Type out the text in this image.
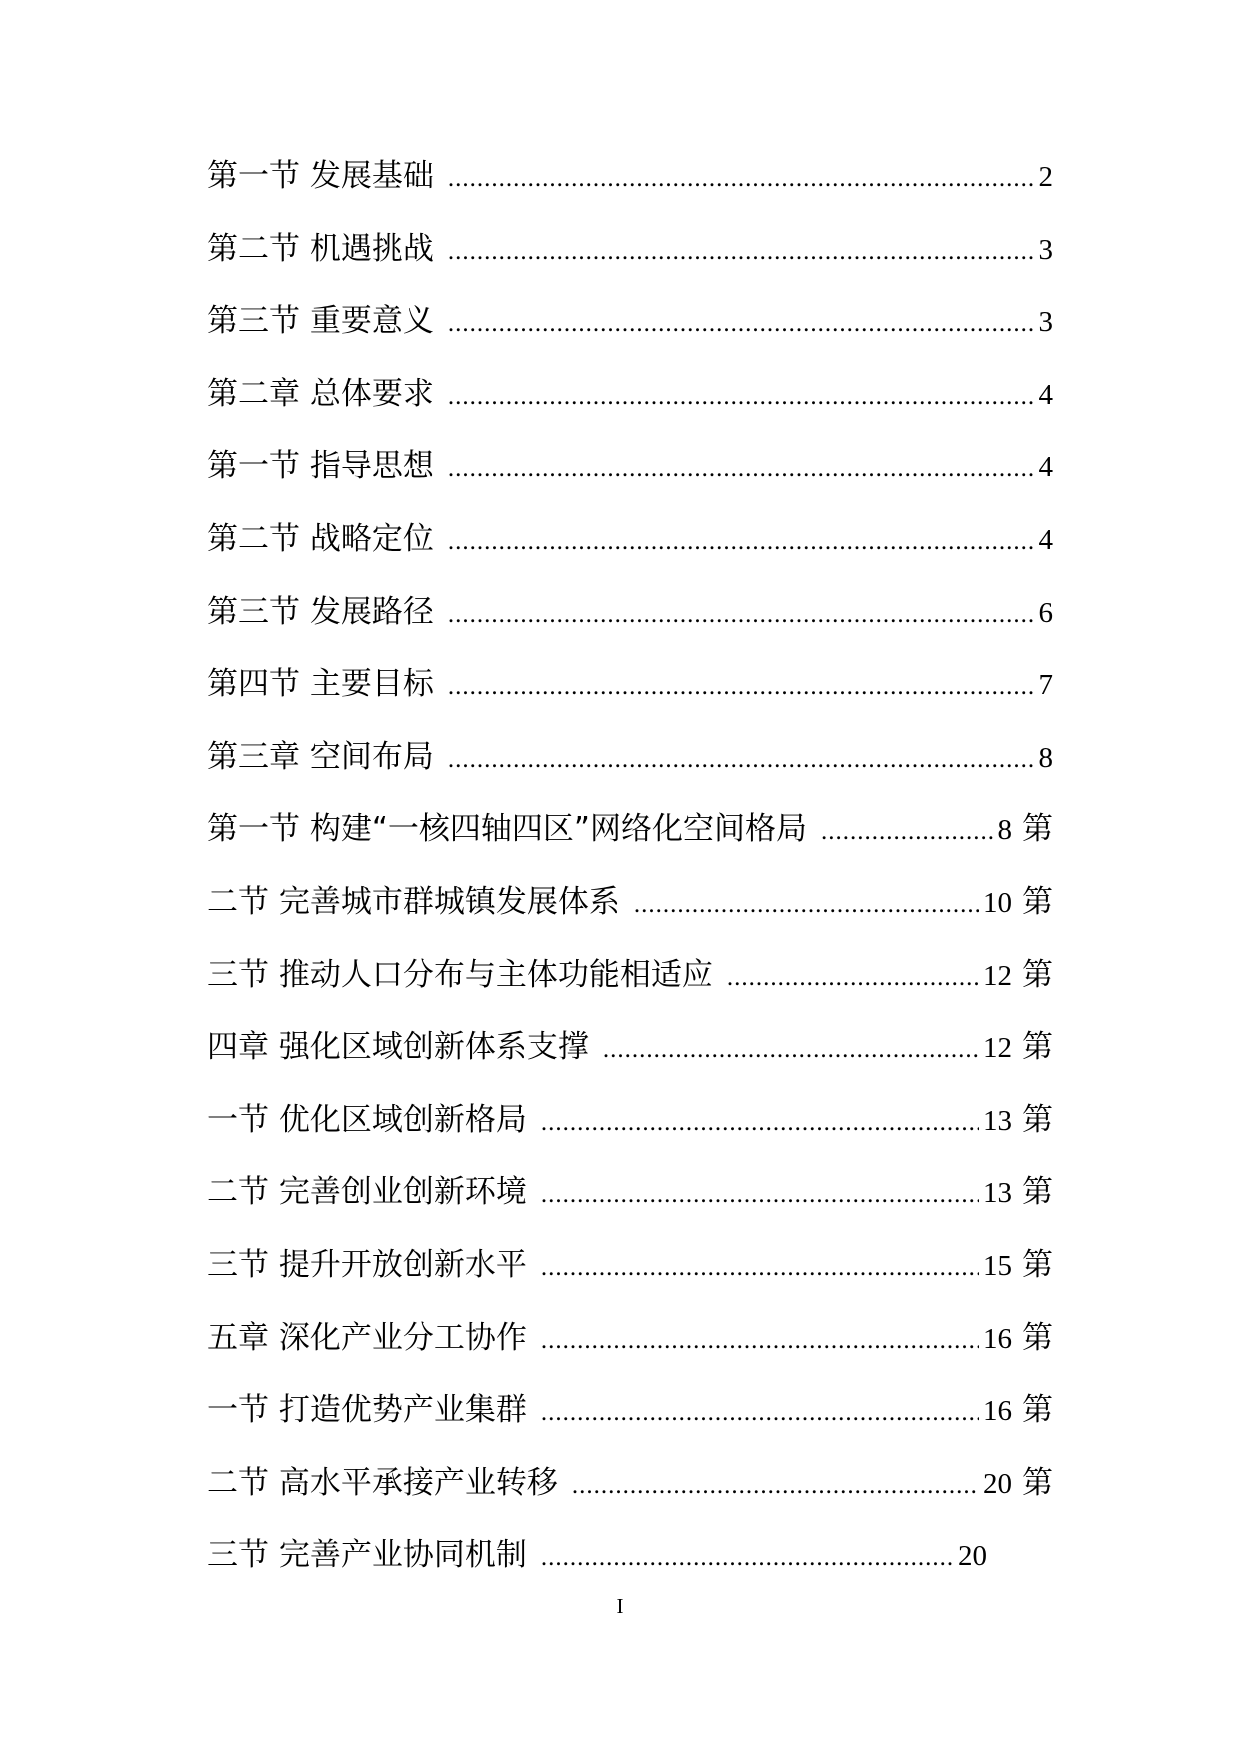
第一节 发展基础 .....	2
第二节 机遇挑战 .....	3
第三节 重要意义 .....	3
第二章 总体要求 .....	4
第一节 指导思想 .....	4
第二节 战略定位 .....	4
第三节 发展路径 .....	6
第四节 主要目标 .....	7
第三章 空间布局 .....	8
第一节 构建“一核四轴四区”网络化空间格局 .....	8 第
二节 完善城市群城镇发展体系 .....	10 第
三节 推动人口分布与主体功能相适应 .....	12 第
四章 强化区域创新体系支撑 .....	12 第
一节 优化区域创新格局 .....	13 第
二节 完善创业创新环境 .....	13 第
三节 提升开放创新水平 .....	15 第
五章 深化产业分工协作 .....	16 第
一节 打造优势产业集群 .....	16 第
二节 高水平承接产业转移 .....	20 第
三节 完善产业协同机制 .....	20
I
